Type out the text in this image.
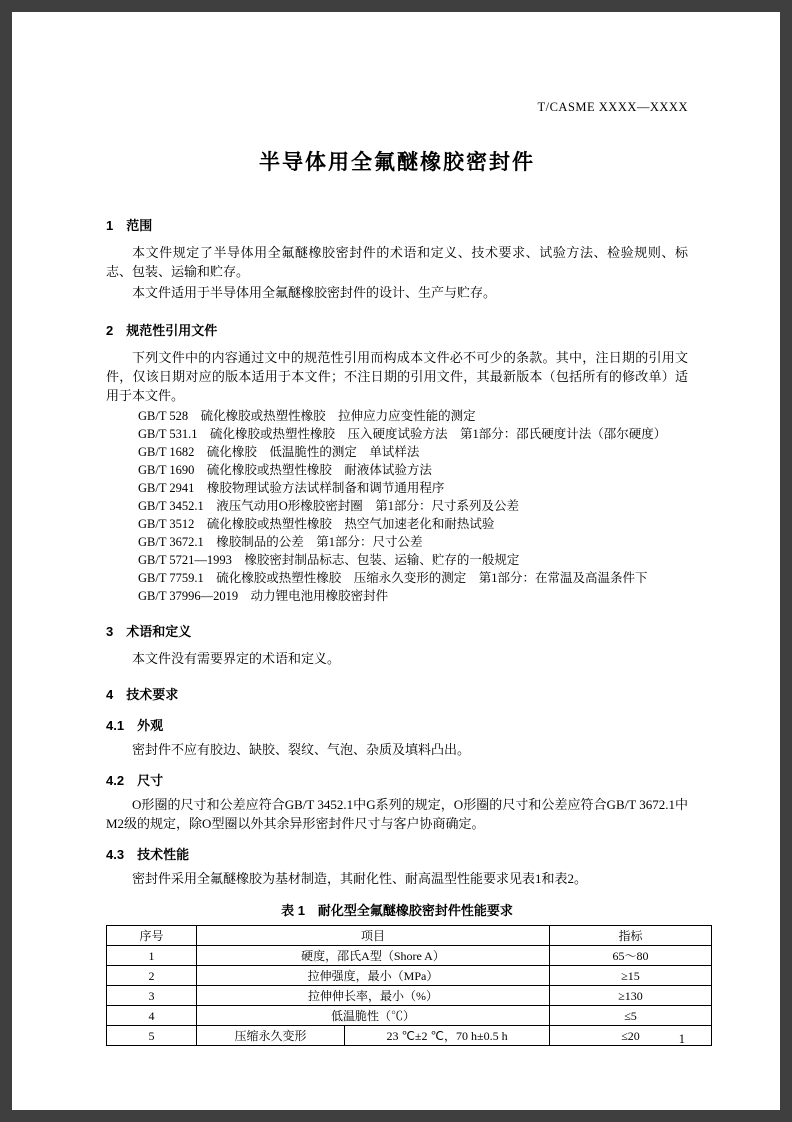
T/CASME XXXX—XXXX
半导体用全氟醚橡胶密封件
1　范围

本文件规定了半导体用全氟醚橡胶密封件的术语和定义、技术要求、试验方法、检验规则、标志、包装、运输和贮存。

本文件适用于半导体用全氟醚橡胶密封件的设计、生产与贮存。

2　规范性引用文件

下列文件中的内容通过文中的规范性引用而构成本文件必不可少的条款。其中，注日期的引用文件，仅该日期对应的版本适用于本文件；不注日期的引用文件，其最新版本（包括所有的修改单）适用于本文件。

GB/T 528　硫化橡胶或热塑性橡胶　拉伸应力应变性能的测定
GB/T 531.1　硫化橡胶或热塑性橡胶　压入硬度试验方法　第1部分：邵氏硬度计法（邵尔硬度）
GB/T 1682　硫化橡胶　低温脆性的测定　单试样法
GB/T 1690　硫化橡胶或热塑性橡胶　耐液体试验方法
GB/T 2941　橡胶物理试验方法试样制备和调节通用程序
GB/T 3452.1　液压气动用O形橡胶密封圈　第1部分：尺寸系列及公差
GB/T 3512　硫化橡胶或热塑性橡胶　热空气加速老化和耐热试验
GB/T 3672.1　橡胶制品的公差　第1部分：尺寸公差
GB/T 5721—1993　橡胶密封制品标志、包装、运输、贮存的一般规定
GB/T 7759.1　硫化橡胶或热塑性橡胶　压缩永久变形的测定　第1部分：在常温及高温条件下
GB/T 37996—2019　动力锂电池用橡胶密封件
3　术语和定义

本文件没有需要界定的术语和定义。

4　技术要求
4.1　外观

密封件不应有胶边、缺胶、裂纹、气泡、杂质及填料凸出。

4.2　尺寸

O形圈的尺寸和公差应符合GB/T 3452.1中G系列的规定，O形圈的尺寸和公差应符合GB/T 3672.1中M2级的规定，除O型圈以外其余异形密封件尺寸与客户协商确定。

4.3　技术性能

密封件采用全氟醚橡胶为基材制造，其耐化性、耐高温型性能要求见表1和表2。

表 1　耐化型全氟醚橡胶密封件性能要求
序号	项目		指标
1	硬度，邵氏A型（Shore A）		65～80
2	拉伸强度，最小（MPa）		≥15
3	拉伸伸长率，最小（%）		≥130
4	低温脆性（℃）		≤5
5	压缩永久变形	23 ℃±2 ℃，70 h±0.5 h	≤20	1
